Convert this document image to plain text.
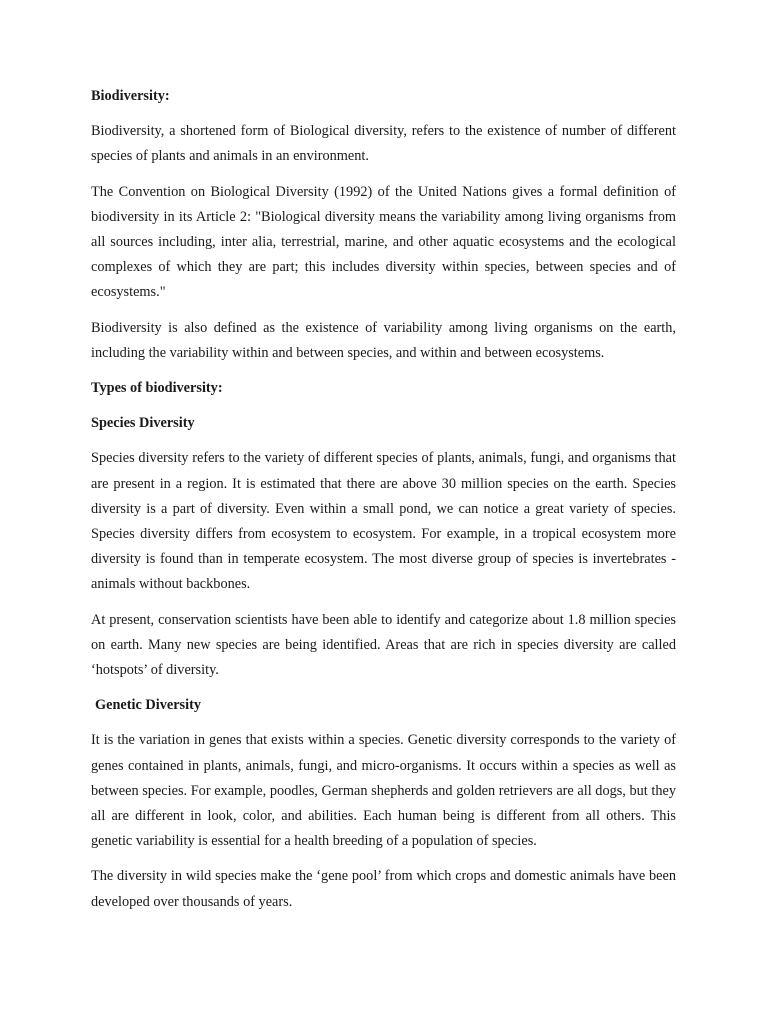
Biodiversity:

Biodiversity, a shortened form of Biological diversity, refers to the existence of number of different species of plants and animals in an environment.

The Convention on Biological Diversity (1992) of the United Nations gives a formal definition of biodiversity in its Article 2: "Biological diversity means the variability among living organisms from all sources including, inter alia, terrestrial, marine, and other aquatic ecosystems and the ecological complexes of which they are part; this includes diversity within species, between species and of ecosystems."

Biodiversity is also defined as the existence of variability among living organisms on the earth, including the variability within and between species, and within and between ecosystems.

Types of biodiversity:
Species Diversity

Species diversity refers to the variety of different species of plants, animals, fungi, and organisms that are present in a region. It is estimated that there are above 30 million species on the earth. Species diversity is a part of diversity. Even within a small pond, we can notice a great variety of species. Species diversity differs from ecosystem to ecosystem. For example, in a tropical ecosystem more diversity is found than in temperate ecosystem. The most diverse group of species is invertebrates - animals without backbones.

At present, conservation scientists have been able to identify and categorize about 1.8 million species on earth. Many new species are being identified. Areas that are rich in species diversity are called ‘hotspots’ of diversity.

Genetic Diversity

It is the variation in genes that exists within a species. Genetic diversity corresponds to the variety of genes contained in plants, animals, fungi, and micro-organisms. It occurs within a species as well as between species. For example, poodles, German shepherds and golden retrievers are all dogs, but they all are different in look, color, and abilities. Each human being is different from all others. This genetic variability is essential for a health breeding of a population of species.

The diversity in wild species make the ‘gene pool’ from which crops and domestic animals have been developed over thousands of years.
